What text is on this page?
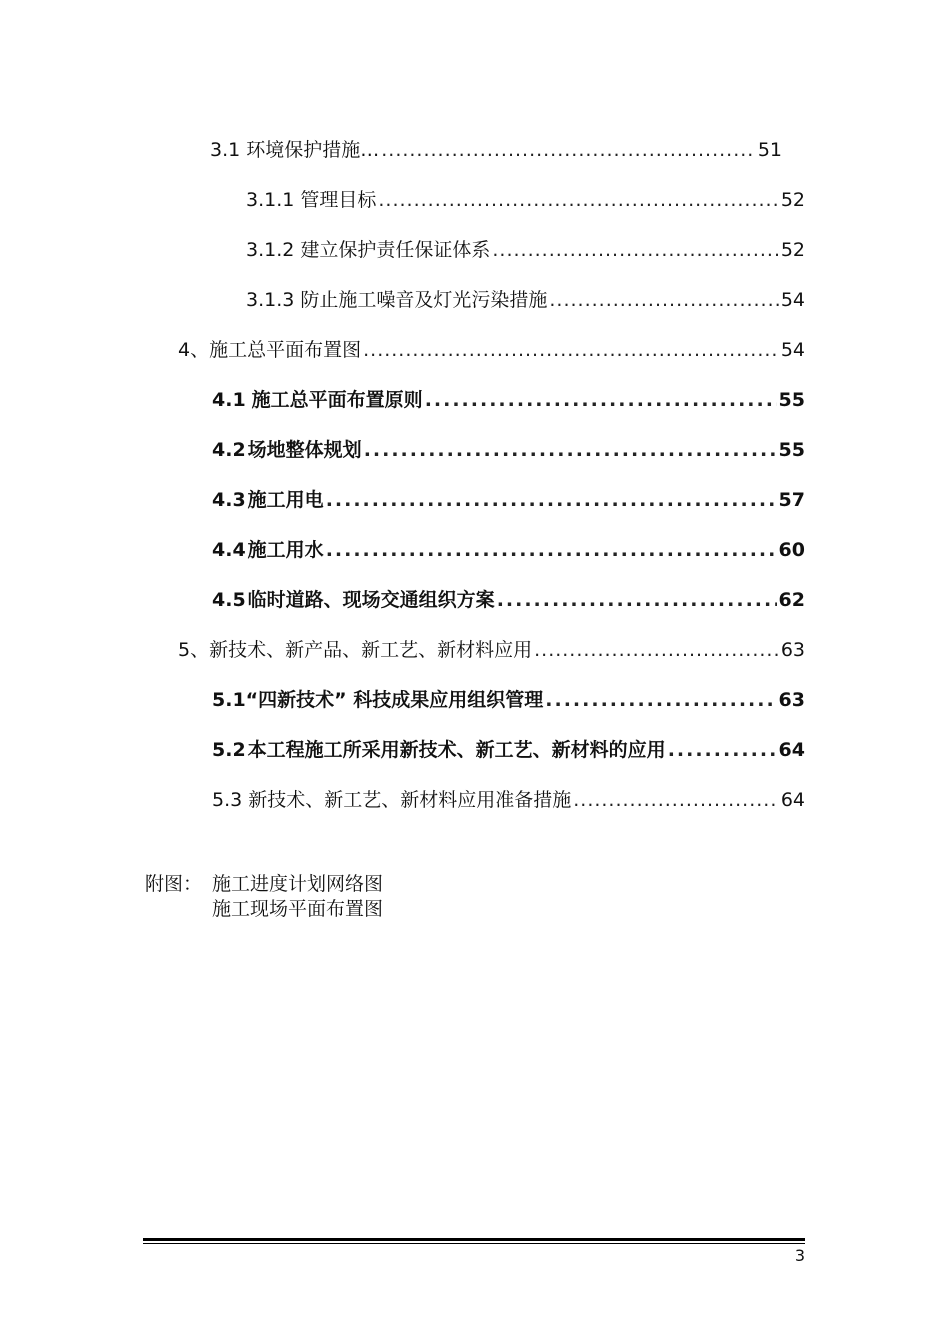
3.1 环境保护措施… .....	51
3.1.1 管理目标 .....	52
3.1.2 建立保护责任保证体系 .....	52
3.1.3 防止施工噪音及灯光污染措施 .....	54
4、 施工总平面布置图 .....	54
4.1 施工总平面布置原则 .....	55
4.2 场地整体规划 .....	55
4.3 施工用电 .....	57
4.4 施工用水 .....	60
4.5 临时道路、现场交通组织方案 .....	62
5、 新技术、新产品、新工艺、新材料应用 .....	63
5.1 “四新技术” 科技成果应用组织管理 .....	63
5.2 本工程施工所采用新技术、新工艺、新材料的应用 .....	64
5.3 新技术、新工艺、新材料应用准备措施 .....	64
附图： 施工进度计划网络图
施工现场平面布置图
3
